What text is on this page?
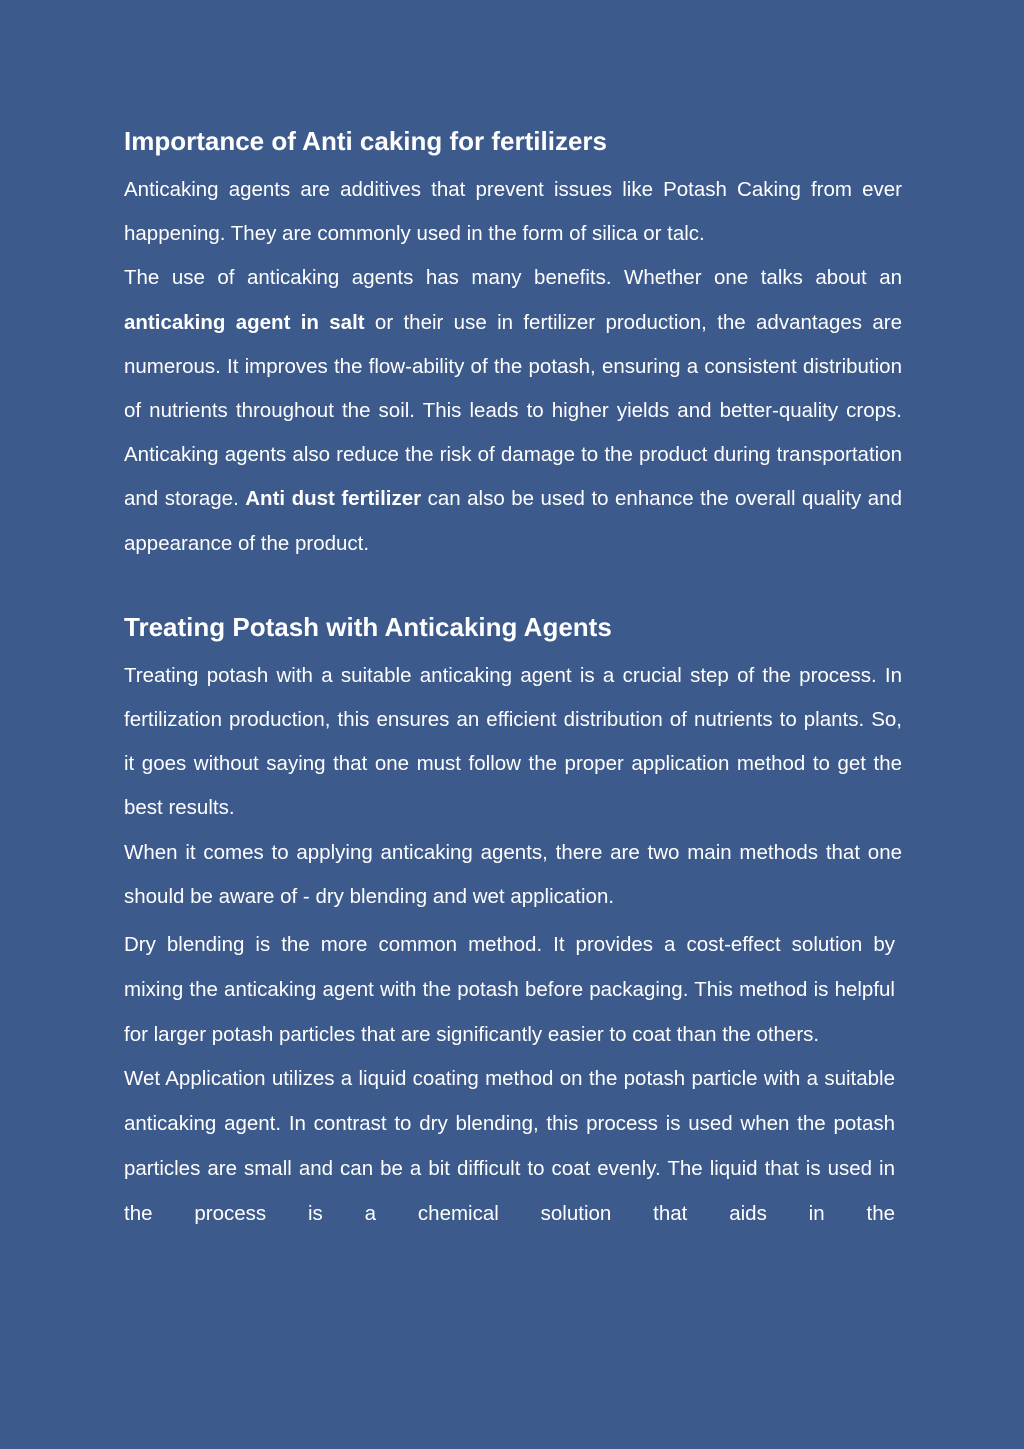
Importance of Anti caking for fertilizers

Anticaking agents are additives that prevent issues like Potash Caking from ever happening. They are commonly used in the form of silica or talc.

The use of anticaking agents has many benefits. Whether one talks about an anticaking agent in salt or their use in fertilizer production, the advantages are numerous. It improves the flow-ability of the potash, ensuring a consistent distribution of nutrients throughout the soil. This leads to higher yields and better-quality crops. Anticaking agents also reduce the risk of damage to the product during transportation and storage. Anti dust fertilizer can also be used to enhance the overall quality and appearance of the product.

Treating Potash with Anticaking Agents

Treating potash with a suitable anticaking agent is a crucial step of the process. In fertilization production, this ensures an efficient distribution of nutrients to plants. So, it goes without saying that one must follow the proper application method to get the best results.

When it comes to applying anticaking agents, there are two main methods that one should be aware of - dry blending and wet application.

Dry blending is the more common method. It provides a cost-effect solution by mixing the anticaking agent with the potash before packaging. This method is helpful for larger potash particles that are significantly easier to coat than the others.

Wet Application utilizes a liquid coating method on the potash particle with a suitable anticaking agent. In contrast to dry blending, this process is used when the potash particles are small and can be a bit difficult to coat evenly. The liquid that is used in the process is a chemical solution that aids in the
